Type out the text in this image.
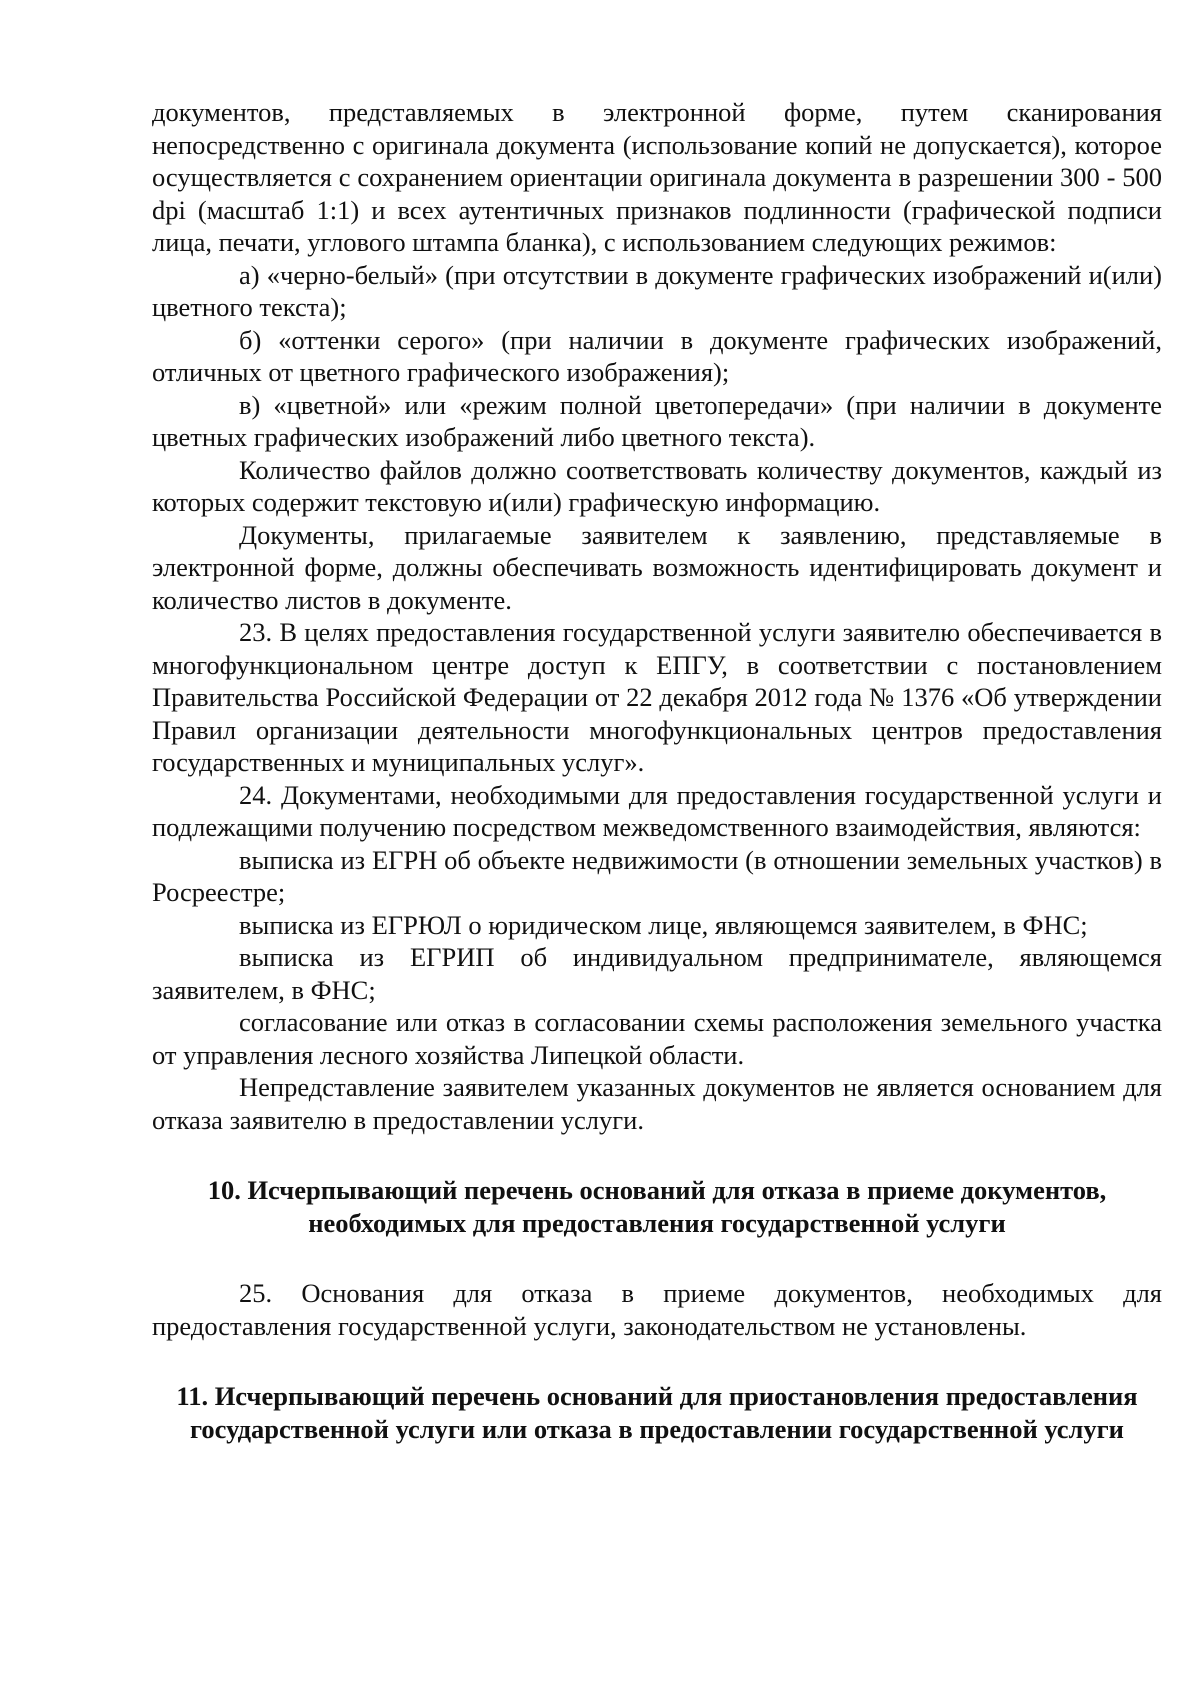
документов, представляемых в электронной форме, путем сканирования непосредственно с оригинала документа (использование копий не допускается), которое осуществляется с сохранением ориентации оригинала документа в разрешении 300 - 500 dpi (масштаб 1:1) и всех аутентичных признаков подлинности (графической подписи лица, печати, углового штампа бланка), с использованием следующих режимов:

а) «черно-белый» (при отсутствии в документе графических изображений и(или) цветного текста);

б) «оттенки серого» (при наличии в документе графических изображений, отличных от цветного графического изображения);

в) «цветной» или «режим полной цветопередачи» (при наличии в документе цветных графических изображений либо цветного текста).

Количество файлов должно соответствовать количеству документов, каждый из которых содержит текстовую и(или) графическую информацию.

Документы, прилагаемые заявителем к заявлению, представляемые в электронной форме, должны обеспечивать возможность идентифицировать документ и количество листов в документе.

23. В целях предоставления государственной услуги заявителю обеспечивается в многофункциональном центре доступ к ЕПГУ, в соответствии с постановлением Правительства Российской Федерации от 22 декабря 2012 года № 1376 «Об утверждении Правил организации деятельности многофункциональных центров предоставления государственных и муниципальных услуг».

24. Документами, необходимыми для предоставления государственной услуги и подлежащими получению посредством межведомственного взаимодействия, являются:

выписка из ЕГРН об объекте недвижимости (в отношении земельных участков) в Росреестре;

выписка из ЕГРЮЛ о юридическом лице, являющемся заявителем, в ФНС;

выписка из ЕГРИП об индивидуальном предпринимателе, являющемся заявителем, в ФНС;

согласование или отказ в согласовании схемы расположения земельного участка от управления лесного хозяйства Липецкой области.

Непредставление заявителем указанных документов не является основанием для отказа заявителю в предоставлении услуги.

10. Исчерпывающий перечень оснований для отказа в приеме документов, необходимых для предоставления государственной услуги

25. Основания для отказа в приеме документов, необходимых для предоставления государственной услуги, законодательством не установлены.

11. Исчерпывающий перечень оснований для приостановления предоставления государственной услуги или отказа в предоставлении государственной услуги
